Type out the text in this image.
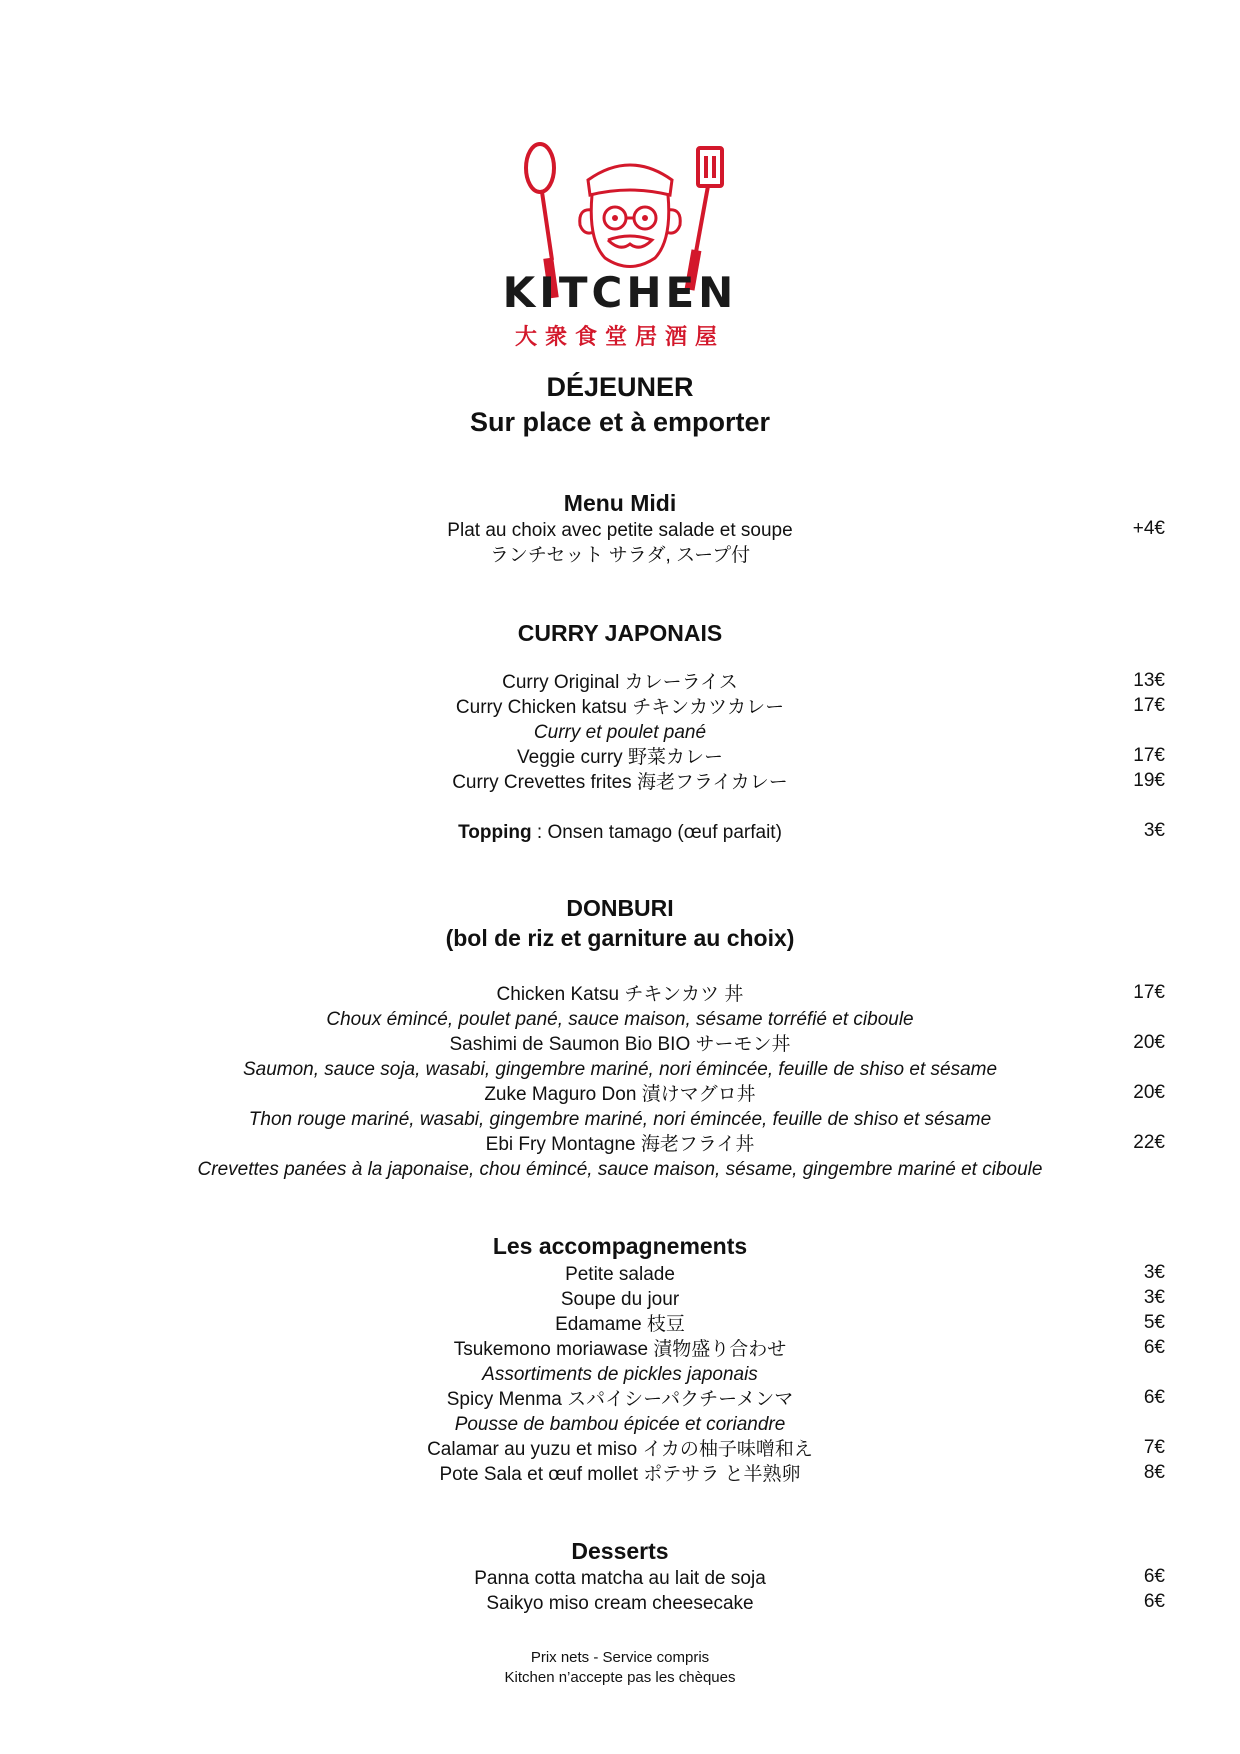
KITCHEN
大衆食堂居酒屋
DÉJEUNER
Sur place et à emporter
Menu Midi
Plat au choix avec petite salade et soupe	+4€
ランチセット サラダ, スープ付
CURRY JAPONAIS
Curry Original カレーライス	13€
Curry Chicken katsu チキンカツカレー	17€
Curry et poulet pané
Veggie curry 野菜カレー	17€
Curry Crevettes frites 海老フライカレー	19€
Topping : Onsen tamago (œuf parfait)	3€
DONBURI
(bol de riz et garniture au choix)
Chicken Katsu チキンカツ 丼	17€
Choux émincé, poulet pané, sauce maison, sésame torréfié et ciboule
Sashimi de Saumon Bio BIO サーモン丼	20€
Saumon, sauce soja, wasabi, gingembre mariné, nori émincée, feuille de shiso et sésame
Zuke Maguro Don 漬けマグロ丼	20€
Thon rouge mariné, wasabi, gingembre mariné, nori émincée, feuille de shiso et sésame
Ebi Fry Montagne 海老フライ丼	22€
Crevettes panées à la japonaise, chou émincé, sauce maison, sésame, gingembre mariné et ciboule
Les accompagnements
Petite salade	3€
Soupe du jour	3€
Edamame 枝豆	5€
Tsukemono moriawase 漬物盛り合わせ	6€
Assortiments de pickles japonais
Spicy Menma スパイシーパクチーメンマ	6€
Pousse de bambou épicée et coriandre
Calamar au yuzu et miso イカの柚子味噌和え	7€
Pote Sala et œuf mollet ポテサラ と半熟卵	8€
Desserts
Panna cotta matcha au lait de soja	6€
Saikyo miso cream cheesecake	6€
Prix nets - Service compris
Kitchen n’accepte pas les chèques
